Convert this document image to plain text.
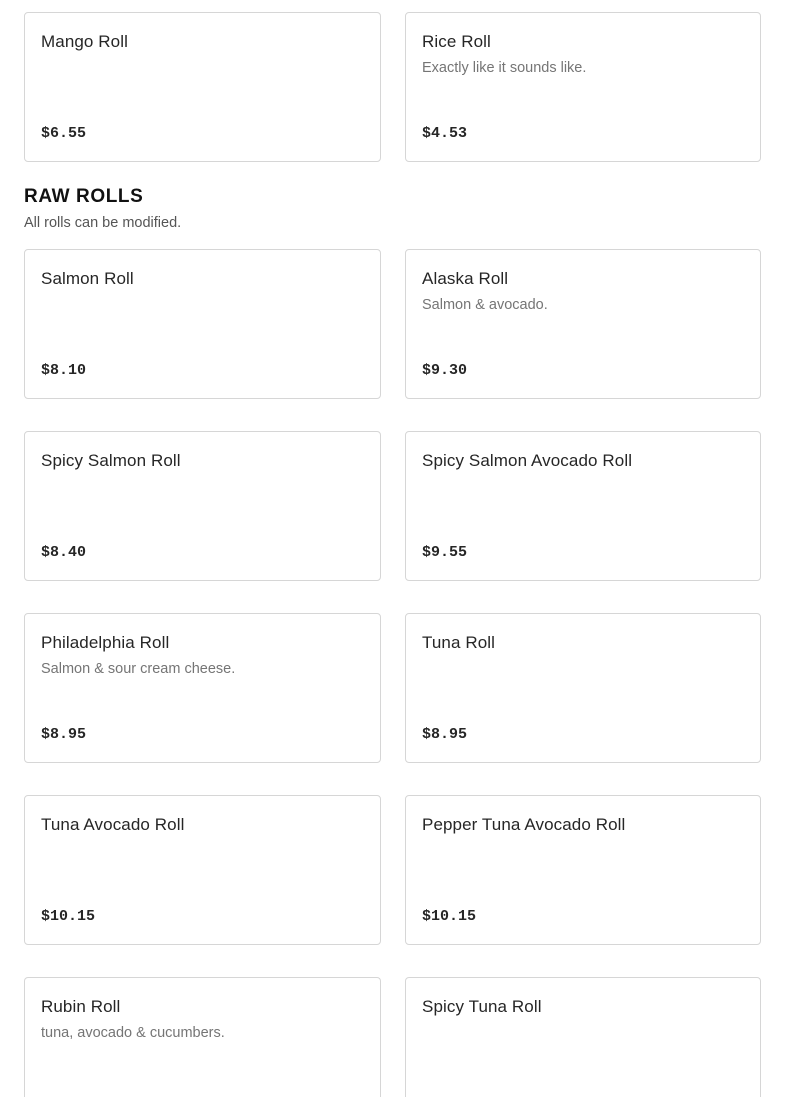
Mango Roll
$6.55
Rice Roll
Exactly like it sounds like.
$4.53
RAW ROLLS
All rolls can be modified.
Salmon Roll
$8.10
Alaska Roll
Salmon & avocado.
$9.30
Spicy Salmon Roll
$8.40
Spicy Salmon Avocado Roll
$9.55
Philadelphia Roll
Salmon & sour cream cheese.
$8.95
Tuna Roll
$8.95
Tuna Avocado Roll
$10.15
Pepper Tuna Avocado Roll
$10.15
Rubin Roll
tuna, avocado & cucumbers.
Spicy Tuna Roll
